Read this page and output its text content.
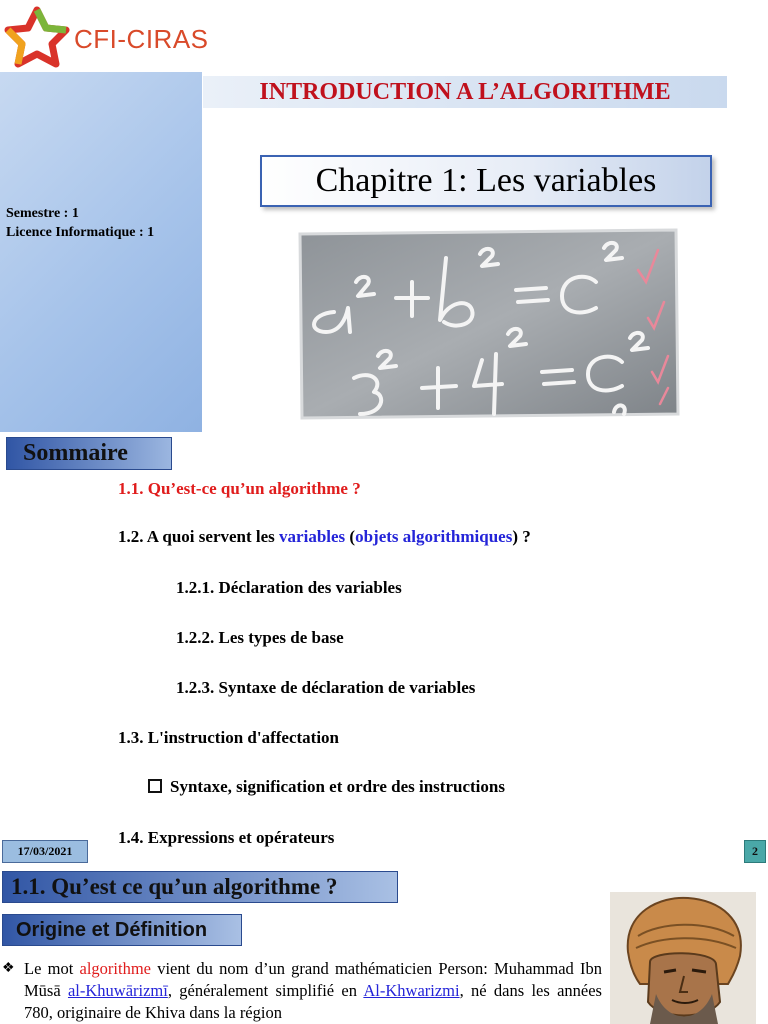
CFI-CIRAS
Semestre : 1
Licence Informatique : 1
INTRODUCTION A L’ALGORITHME
Chapitre 1: Les variables
Sommaire
1.1. Qu’est-ce qu’un algorithme ?
1.2. A quoi servent les variables (objets algorithmiques) ?
1.2.1. Déclaration des variables
1.2.2. Les types de base
1.2.3. Syntaxe de déclaration de variables
1.3. L'instruction d'affectation
Syntaxe, signification et ordre des instructions
1.4. Expressions et opérateurs
17/03/2021	2
1.1. Qu’est ce qu’un algorithme ?
Origine et Définition
❖ Le mot algorithme vient du nom d’un grand mathématicien Person: Muhammad Ibn Mūsā al-Khuwārizmī, généralement simplifié en Al-Khwarizmi, né dans les années 780, originaire de Khiva dans la région
